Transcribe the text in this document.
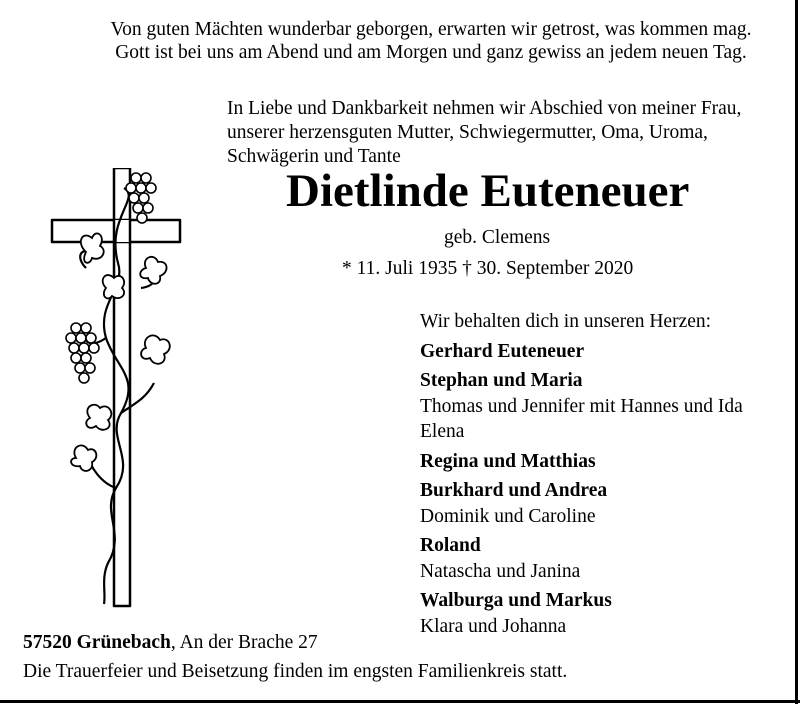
Von guten Mächten wunderbar geborgen, erwarten wir getrost, was kommen mag.
Gott ist bei uns am Abend und am Morgen und ganz gewiss an jedem neuen Tag.
In Liebe und Dankbarkeit nehmen wir Abschied von meiner Frau,
unserer herzensguten Mutter, Schwiegermutter, Oma, Uroma,
Schwägerin und Tante
Dietlinde Euteneuer
geb. Clemens
* 11. Juli 1935 † 30. September 2020
Wir behalten dich in unseren Herzen:
Gerhard Euteneuer
Stephan und Maria
Thomas und Jennifer mit Hannes und Ida
Elena
Regina und Matthias
Burkhard und Andrea
Dominik und Caroline
Roland
Natascha und Janina
Walburga und Markus
Klara und Johanna
57520 Grünebach, An der Brache 27
Die Trauerfeier und Beisetzung finden im engsten Familienkreis statt.
